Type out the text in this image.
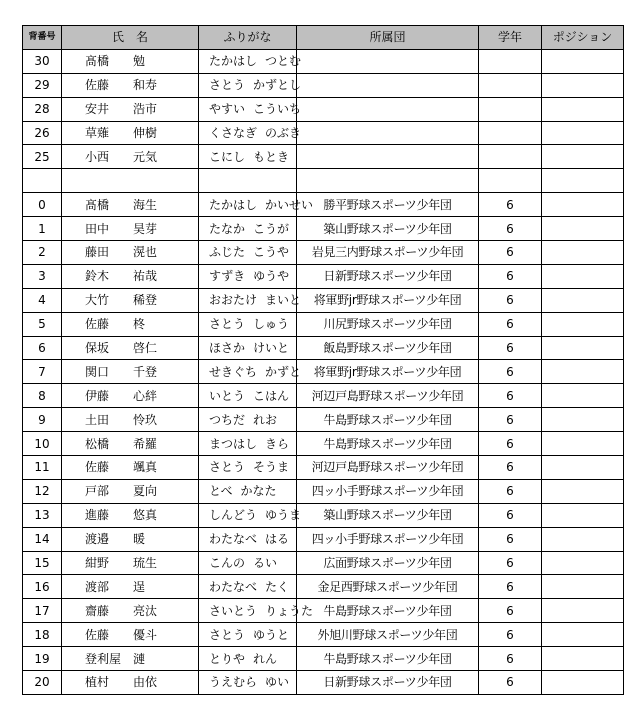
背番号	氏　名	ふりがな	所属団	学年	ポジション
30	髙橋 勉	たかはし つとむ			
29	佐藤 和寿	さとう かずとし			
28	安井 浩市	やすい こういち			
26	草薙 伸樹	くさなぎ のぶき			
25	小西 元気	こにし もとき			

0	髙橋 海生	たかはし かいせい	勝平野球スポーツ少年団	6	
1	田中 昊芽	たなか こうが	築山野球スポーツ少年団	6	
2	藤田 滉也	ふじた こうや	岩見三内野球スポーツ少年団	6	
3	鈴木 祐哉	すずき ゆうや	日新野球スポーツ少年団	6	
4	大竹 稀登	おおたけ まいと	将軍野jr野球スポーツ少年団	6	
5	佐藤 柊	さとう しゅう	川尻野球スポーツ少年団	6	
6	保坂 啓仁	ほさか けいと	飯島野球スポーツ少年団	6	
7	関口 千登	せきぐち かずと	将軍野jr野球スポーツ少年団	6	
8	伊藤 心絆	いとう こはん	河辺戸島野球スポーツ少年団	6	
9	土田 怜玖	つちだ れお	牛島野球スポーツ少年団	6	
10	松橋 希羅	まつはし きら	牛島野球スポーツ少年団	6	
11	佐藤 颯真	さとう そうま	河辺戸島野球スポーツ少年団	6	
12	戸部 夏向	とべ かなた	四ッ小手野球スポーツ少年団	6	
13	進藤 悠真	しんどう ゆうま	築山野球スポーツ少年団	6	
14	渡邉 暖	わたなべ はる	四ッ小手野球スポーツ少年団	6	
15	紺野 琉生	こんの るい	広面野球スポーツ少年団	6	
16	渡部 逞	わたなべ たく	金足西野球スポーツ少年団	6	
17	齋藤 亮汰	さいとう りょうた	牛島野球スポーツ少年団	6	
18	佐藤 優斗	さとう ゆうと	外旭川野球スポーツ少年団	6	
19	登利屋 漣	とりや れん	牛島野球スポーツ少年団	6	
20	植村 由依	うえむら ゆい	日新野球スポーツ少年団	6	
